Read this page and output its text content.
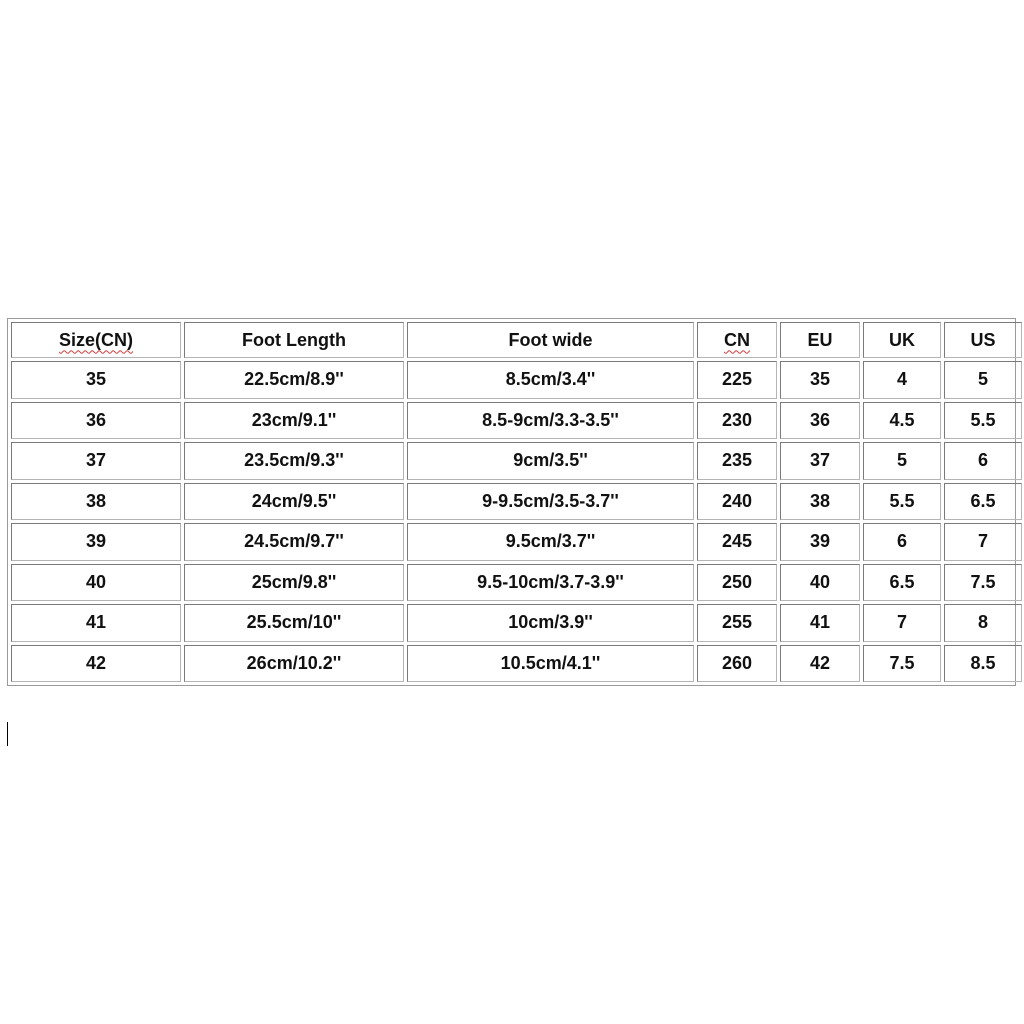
Size(CN)	Foot Length	Foot wide	CN	EU	UK	US
35	22.5cm/8.9''	8.5cm/3.4''	225	35	4	5
36	23cm/9.1''	8.5-9cm/3.3-3.5''	230	36	4.5	5.5
37	23.5cm/9.3''	9cm/3.5''	235	37	5	6
38	24cm/9.5''	9-9.5cm/3.5-3.7''	240	38	5.5	6.5
39	24.5cm/9.7''	9.5cm/3.7''	245	39	6	7
40	25cm/9.8''	9.5-10cm/3.7-3.9''	250	40	6.5	7.5
41	25.5cm/10''	10cm/3.9''	255	41	7	8
42	26cm/10.2''	10.5cm/4.1''	260	42	7.5	8.5
